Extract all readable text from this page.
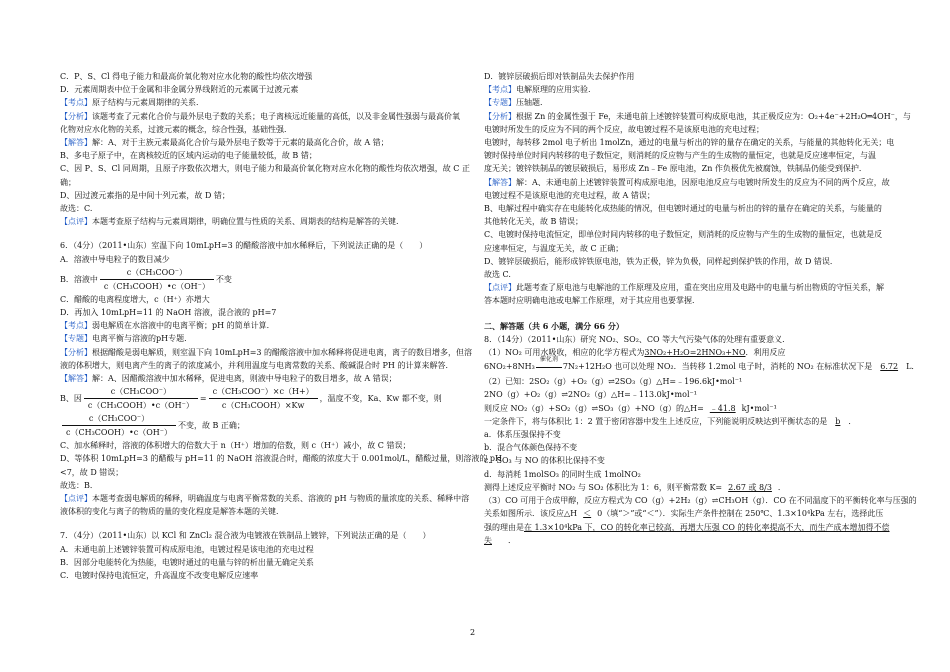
C．P、S、Cl 得电子能力和最高价氧化物对应水化物的酸性均依次增强
D．元素周期表中位于金属和非金属分界线附近的元素属于过渡元素
【考点】原子结构与元素周期律的关系．
【分析】该题考查了元素化合价与最外层电子数的关系；电子离核远近能量的高低，以及非金属性强弱与最高价氧
化物对应水化物的关系，过渡元素的概念，综合性强，基础性强．
【解答】解：A、对于主族元素最高化合价与最外层电子数等于元素的最高化合价，故 A 错；
B、多电子原子中，在离核较近的区域内运动的电子能量较低，故 B 错；
C、因 P、S、Cl 同周期，且原子序数依次增大，则电子能力和最高价氧化物对应水化物的酸性均依次增强，故 C 正
确；
D、因过渡元素指的是中间十列元素，故 D 错；
故选：C.
【点评】本题考查原子结构与元素周期律，明确位置与性质的关系、周期表的结构是解答的关键.
6．（4分）（2011•山东）室温下向 10mLpH=3 的醋酸溶液中加水稀释后，下列说法正确的是（　　）
A．溶液中导电粒子的数目减少
B．溶液中 $\frac{\text{c（CH₃COO⁻）}}{\text{c（CH₃COOH）•c（OH⁻）}}$ 不变
C．醋酸的电离程度增大，c（H⁺）亦增大
D．再加入 10mLpH=11 的 NaOH 溶液，混合液的 pH=7
【考点】弱电解质在水溶液中的电离平衡；pH 的简单计算．
【专题】电离平衡与溶液的pH专题．
【分析】根据醋酸是弱电解质，则室温下向 10mLpH=3 的醋酸溶液中加水稀释将促进电离，离子的数目增多，但溶
液的体积增大，则电离产生的离子的浓度减小，并利用温度与电离常数的关系、酸碱混合时 PH 的计算来解答．
【解答】解：A、因醋酸溶液中加水稀释，促进电离，则液中导电粒子的数目增多，故 A 错误；
B、因 $\frac{\text{c（CH₃COO⁻）}}{\text{c（CH₃COOH）•c（OH⁻）}} = \frac{\text{c（CH₃COO⁻）×c（H+）}}{\text{c（CH₃COOH）×Kw}}$ ，温度不变，Ka、Kw 都不变，则
$\frac{\text{c（CH₃COO⁻）}}{\text{c（CH₃COOH）•c（OH⁻）}}$ 不变，故 B 正确；
C、加水稀释时，溶液的体积增大的倍数大于 n（H⁺）增加的倍数，则 c（H⁺）减小，故 C 错误；
D、等体积 10mLpH=3 的醋酸与 pH=11 的 NaOH 溶液混合时，醋酸的浓度大于 0.001mol/L，醋酸过量，则溶液的 pH
<7，故 D 错误；
故选：B．
【点评】本题考查弱电解质的稀释，明确温度与电离平衡常数的关系、溶液的 pH 与物质的量浓度的关系、稀释中溶
液体积的变化与离子的物质的量的变化程度是解答本题的关键．
7．（4分）（2011•山东）以 KCl 和 ZnCl₂ 混合液为电镀液在铁制品上镀锌，下列说法正确的是（　　）
A．未通电前上述镀锌装置可构成原电池，电镀过程是该电池的充电过程
B．因部分电能转化为热能，电镀时通过的电量与锌的析出量无确定关系
C．电镀时保持电流恒定，升高温度不改变电解反应速率
D．镀锌层破损后即对铁制品失去保护作用
【考点】电解原理的应用实验.
【专题】压轴题．
【分析】根据 Zn 的金属性强于 Fe，未通电前上述镀锌装置可构成原电池，其正极反应为：O₂+4e⁻+2H₂O═4OH⁻，与
电镀时所发生的反应为不同的两个反应，故电镀过程不是该原电池的充电过程；
电镀时，每转移 2mol 电子析出 1molZn，通过的电量与析出的锌的量存在确定的关系，与能量的其他转化无关；电
镀时保持单位时间内转移的电子数恒定，则消耗的反应物与产生的生成物的量恒定，也就是反应速率恒定，与温
度无关；镀锌铁制品的镀层破损后，易形成 Zn﹣Fe 原电池，Zn 作负极优先被腐蚀，铁制品仍能受到保护．
【解答】解：A、未通电前上述镀锌装置可构成原电池，因原电池反应与电镀时所发生的反应为不同的两个反应，故
电镀过程不是该原电池的充电过程，故 A 错误；
B、电解过程中确实存在电能转化成热能的情况，但电镀时通过的电量与析出的锌的量存在确定的关系，与能量的
其他转化无关，故 B 错误；
C、电镀时保持电流恒定，即单位时间内转移的电子数恒定，则消耗的反应物与产生的生成物的量恒定，也就是反
应速率恒定，与温度无关，故 C 正确；
D、镀锌层破损后，能形成锌铁原电池，铁为正极，锌为负极，同样起到保护铁的作用，故 D 错误．
故选 C.
【点评】此题考查了原电池与电解池的工作原理及应用，重在突出应用及电路中的电量与析出物质的守恒关系，解
答本题时应明确电池或电解工作原理，对于其应用也要掌握．
二、解答题（共 6 小题，满分 66 分）
8．（14分）（2011•山东）研究 NO₂、SO₂、CO 等大气污染气体的处理有重要意义．
（1）NO₂ 可用水吸收，相应的化学方程式为3NO₂+H₂O=2HNO₃+NO．利用反应
6NO₂+8NH₃
催化剂
7N₂+12H₂O 也可以处理 NO₂．当转移 1.2mol 电子时，消耗的 NO₂ 在标准状况下是 6.72 L．
（2）已知：2SO₂（g）+O₂（g）⇌2SO₃（g）△H=﹣196.6kJ•mol⁻¹
2NO（g）+O₂（g）⇌2NO₂（g）△H=﹣113.0kJ•mol⁻¹
则反应 NO₂（g）+SO₂（g）⇌SO₃（g）+NO（g）的△H= ﹣41.8 kJ•mol⁻¹
一定条件下，将与体积比 1：2 置于密闭容器中发生上述反应，下列能说明反映达到平衡状态的是 b ．
a．体系压强保持不变
b．混合气体颜色保持不变
c．SO₃ 与 NO 的体积比保持不变
d．每消耗 1molSO₃ 的同时生成 1molNO₂
测得上述反应平衡时 NO₂ 与 SO₂ 体积比为 1：6，则平衡常数 K= 2.67 或 8/3 ．
（3）CO 可用于合成甲醇，反应方程式为 CO（g）+2H₂（g）⇌CH₃OH（g）．CO 在不同温度下的平衡转化率与压强的
关系如图所示．该反应△H ＜ 0（填“＞”或“＜”）．实际生产条件控制在 250℃、1.3×10⁴kPa 左右，选择此压
强的理由是在 1.3×10⁴kPa 下，CO 的转化率已较高，再增大压强 CO 的转化率提高不大，而生产成本增加得不偿
失 ．
2
